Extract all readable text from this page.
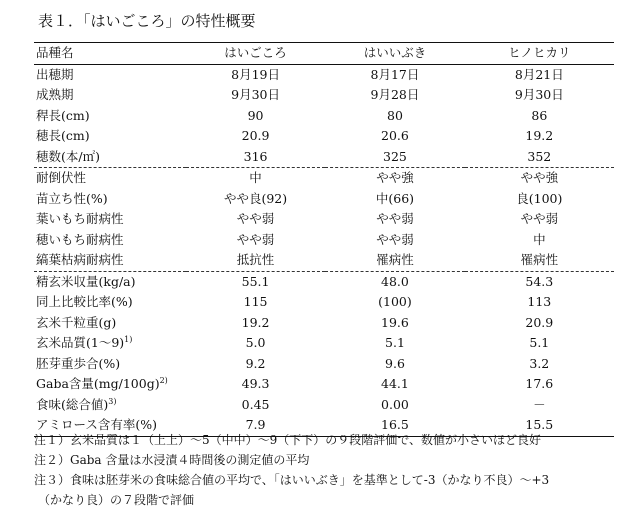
表１．「はいごころ」の特性概要
品種名	はいごころ	はいいぶき	ヒノヒカリ
出穂期	8月19日	8月17日	8月21日
成熟期	9月30日	9月28日	9月30日
稈長(cm)	90	80	86
穂長(cm)	20.9	20.6	19.2
穂数(本/㎡)	316	325	352
耐倒伏性	中	やや強	やや強
苗立ち性(%)	やや良(92)	中(66)	良(100)
葉いもち耐病性	やや弱	やや弱	やや弱
穂いもち耐病性	やや弱	やや弱	中
縞葉枯病耐病性	抵抗性	罹病性	罹病性
精玄米収量(kg/a)	55.1	48.0	54.3
同上比較比率(%)	115	(100)	113
玄米千粒重(g)	19.2	19.6	20.9
玄米品質(1～9)$^{1)}$	5.0	5.1	5.1
胚芽重歩合(%)	9.2	9.6	3.2
Gaba含量$(mg/100g)^{2)}$	49.3	44.1	17.6
食味(総合値)$^{3)}$	0.45	0.00	－
アミロース含有率(%)	7.9	16.5	15.5
注１）玄米品質は１（上上）～5（中中）～9（下下）の９段階評価で、数値が小さいほど良好
注２）Gaba 含量は水浸漬４時間後の測定値の平均
注３）食味は胚芽米の食味総合値の平均で、「はいいぶき」を基準として-3（かなり不良）～+3
（かなり良）の７段階で評価
